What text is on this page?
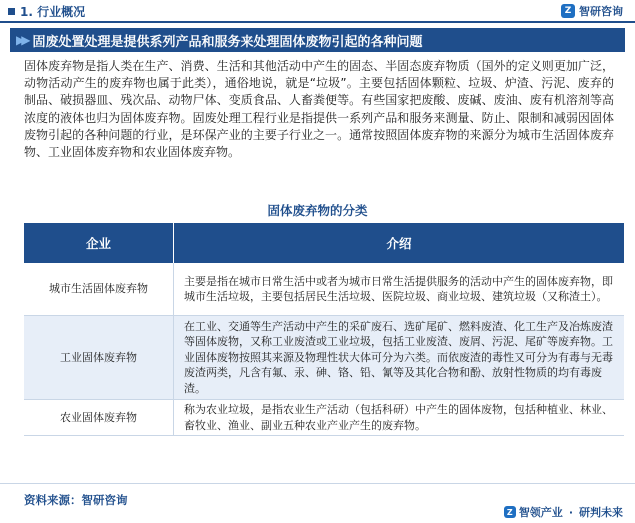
1. 行业概况	Z 智研咨询
▶▶ 固废处置处理是提供系列产品和服务来处理固体废物引起的各种问题

固体废弃物是指人类在生产、消费、生活和其他活动中产生的固态、半固态废弃物质（国外的定义则更加广泛，动物活动产生的废弃物也属于此类），通俗地说，就是“垃圾”。主要包括固体颗粒、垃圾、炉渣、污泥、废弃的制品、破损器皿、残次品、动物尸体、变质食品、人畜粪便等。有些国家把废酸、废碱、废油、废有机溶剂等高浓度的液体也归为固体废弃物。固废处理工程行业是指提供一系列产品和服务来测量、防止、限制和减弱因固体废物引起的各种问题的行业，是环保产业的主要子行业之一。通常按照固体废弃物的来源分为城市生活固体废弃物、工业固体废弃物和农业固体废弃物。

固体废弃物的分类
企业	介绍
城市生活固体废弃物
主要是指在城市日常生活中或者为城市日常生活提供服务的活动中产生的固体废弃物，即城市生活垃圾，主要包括居民生活垃圾、医院垃圾、商业垃圾、建筑垃圾（又称渣土）。
工业固体废弃物
在工业、交通等生产活动中产生的采矿废石、选矿尾矿、燃料废渣、化工生产及冶炼废渣等固体废物，又称工业废渣或工业垃圾，包括工业废渣、废屑、污泥、尾矿等废弃物。工业固体废物按照其来源及物理性状大体可分为六类。而依废渣的毒性又可分为有毒与无毒废渣两类，凡含有氟、汞、砷、铬、铅、氰等及其化合物和酚、放射性物质的均有毒废渣。
农业固体废弃物
称为农业垃圾，是指农业生产活动（包括科研）中产生的固体废物，包括种植业、林业、畜牧业、渔业、副业五种农业产业产生的废弃物。
资料来源：智研咨询
Z 智领产业 · 研判未来
